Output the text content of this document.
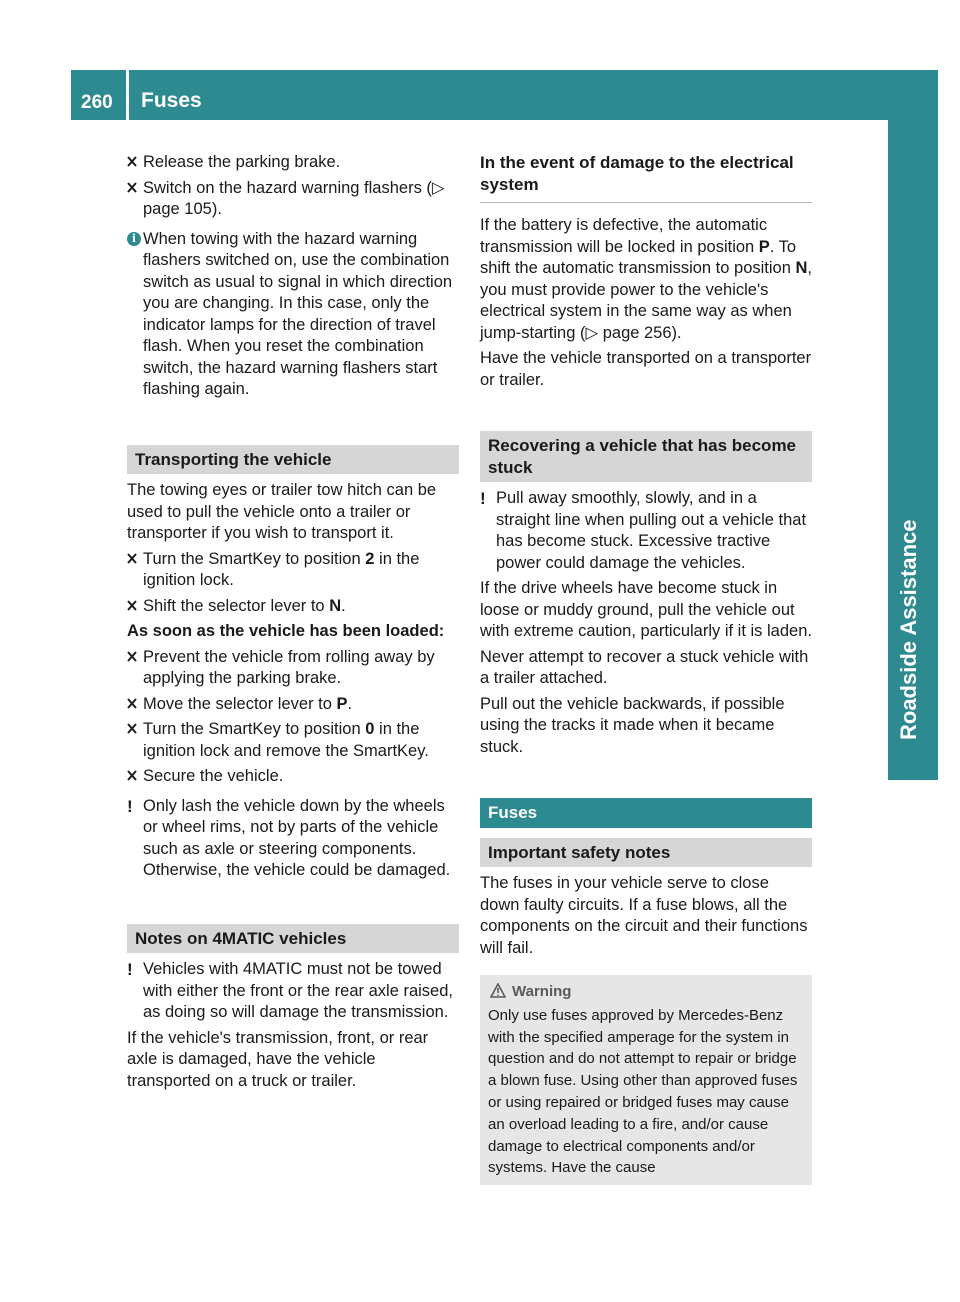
260 Fuses
Roadside Assistance
Release the parking brake.
Switch on the hazard warning flashers (▷ page 105).
i When towing with the hazard warning flashers switched on, use the combination switch as usual to signal in which direction you are changing. In this case, only the indicator lamps for the direction of travel flash. When you reset the combination switch, the hazard warning flashers start flashing again.
Transporting the vehicle

The towing eyes or trailer tow hitch can be used to pull the vehicle onto a trailer or transporter if you wish to transport it.

Turn the SmartKey to position 2 in the ignition lock.
Shift the selector lever to N.

As soon as the vehicle has been loaded:

Prevent the vehicle from rolling away by applying the parking brake.
Move the selector lever to P.
Turn the SmartKey to position 0 in the ignition lock and remove the SmartKey.
Secure the vehicle.
! Only lash the vehicle down by the wheels or wheel rims, not by parts of the vehicle such as axle or steering components. Otherwise, the vehicle could be damaged.
Notes on 4MATIC vehicles
! Vehicles with 4MATIC must not be towed with either the front or the rear axle raised, as doing so will damage the transmission.

If the vehicle's transmission, front, or rear axle is damaged, have the vehicle transported on a truck or trailer.

In the event of damage to the electrical system

If the battery is defective, the automatic transmission will be locked in position P. To shift the automatic transmission to position N, you must provide power to the vehicle's electrical system in the same way as when jump-starting (▷ page 256).

Have the vehicle transported on a transporter or trailer.

Recovering a vehicle that has become stuck
! Pull away smoothly, slowly, and in a straight line when pulling out a vehicle that has become stuck. Excessive tractive power could damage the vehicles.

If the drive wheels have become stuck in loose or muddy ground, pull the vehicle out with extreme caution, particularly if it is laden.

Never attempt to recover a stuck vehicle with a trailer attached.

Pull out the vehicle backwards, if possible using the tracks it made when it became stuck.

Fuses
Important safety notes

The fuses in your vehicle serve to close down faulty circuits. If a fuse blows, all the components on the circuit and their functions will fail.

Warning
Only use fuses approved by Mercedes-Benz with the specified amperage for the system in question and do not attempt to repair or bridge a blown fuse. Using other than approved fuses or using repaired or bridged fuses may cause an overload leading to a fire, and/or cause damage to electrical components and/or systems. Have the cause
